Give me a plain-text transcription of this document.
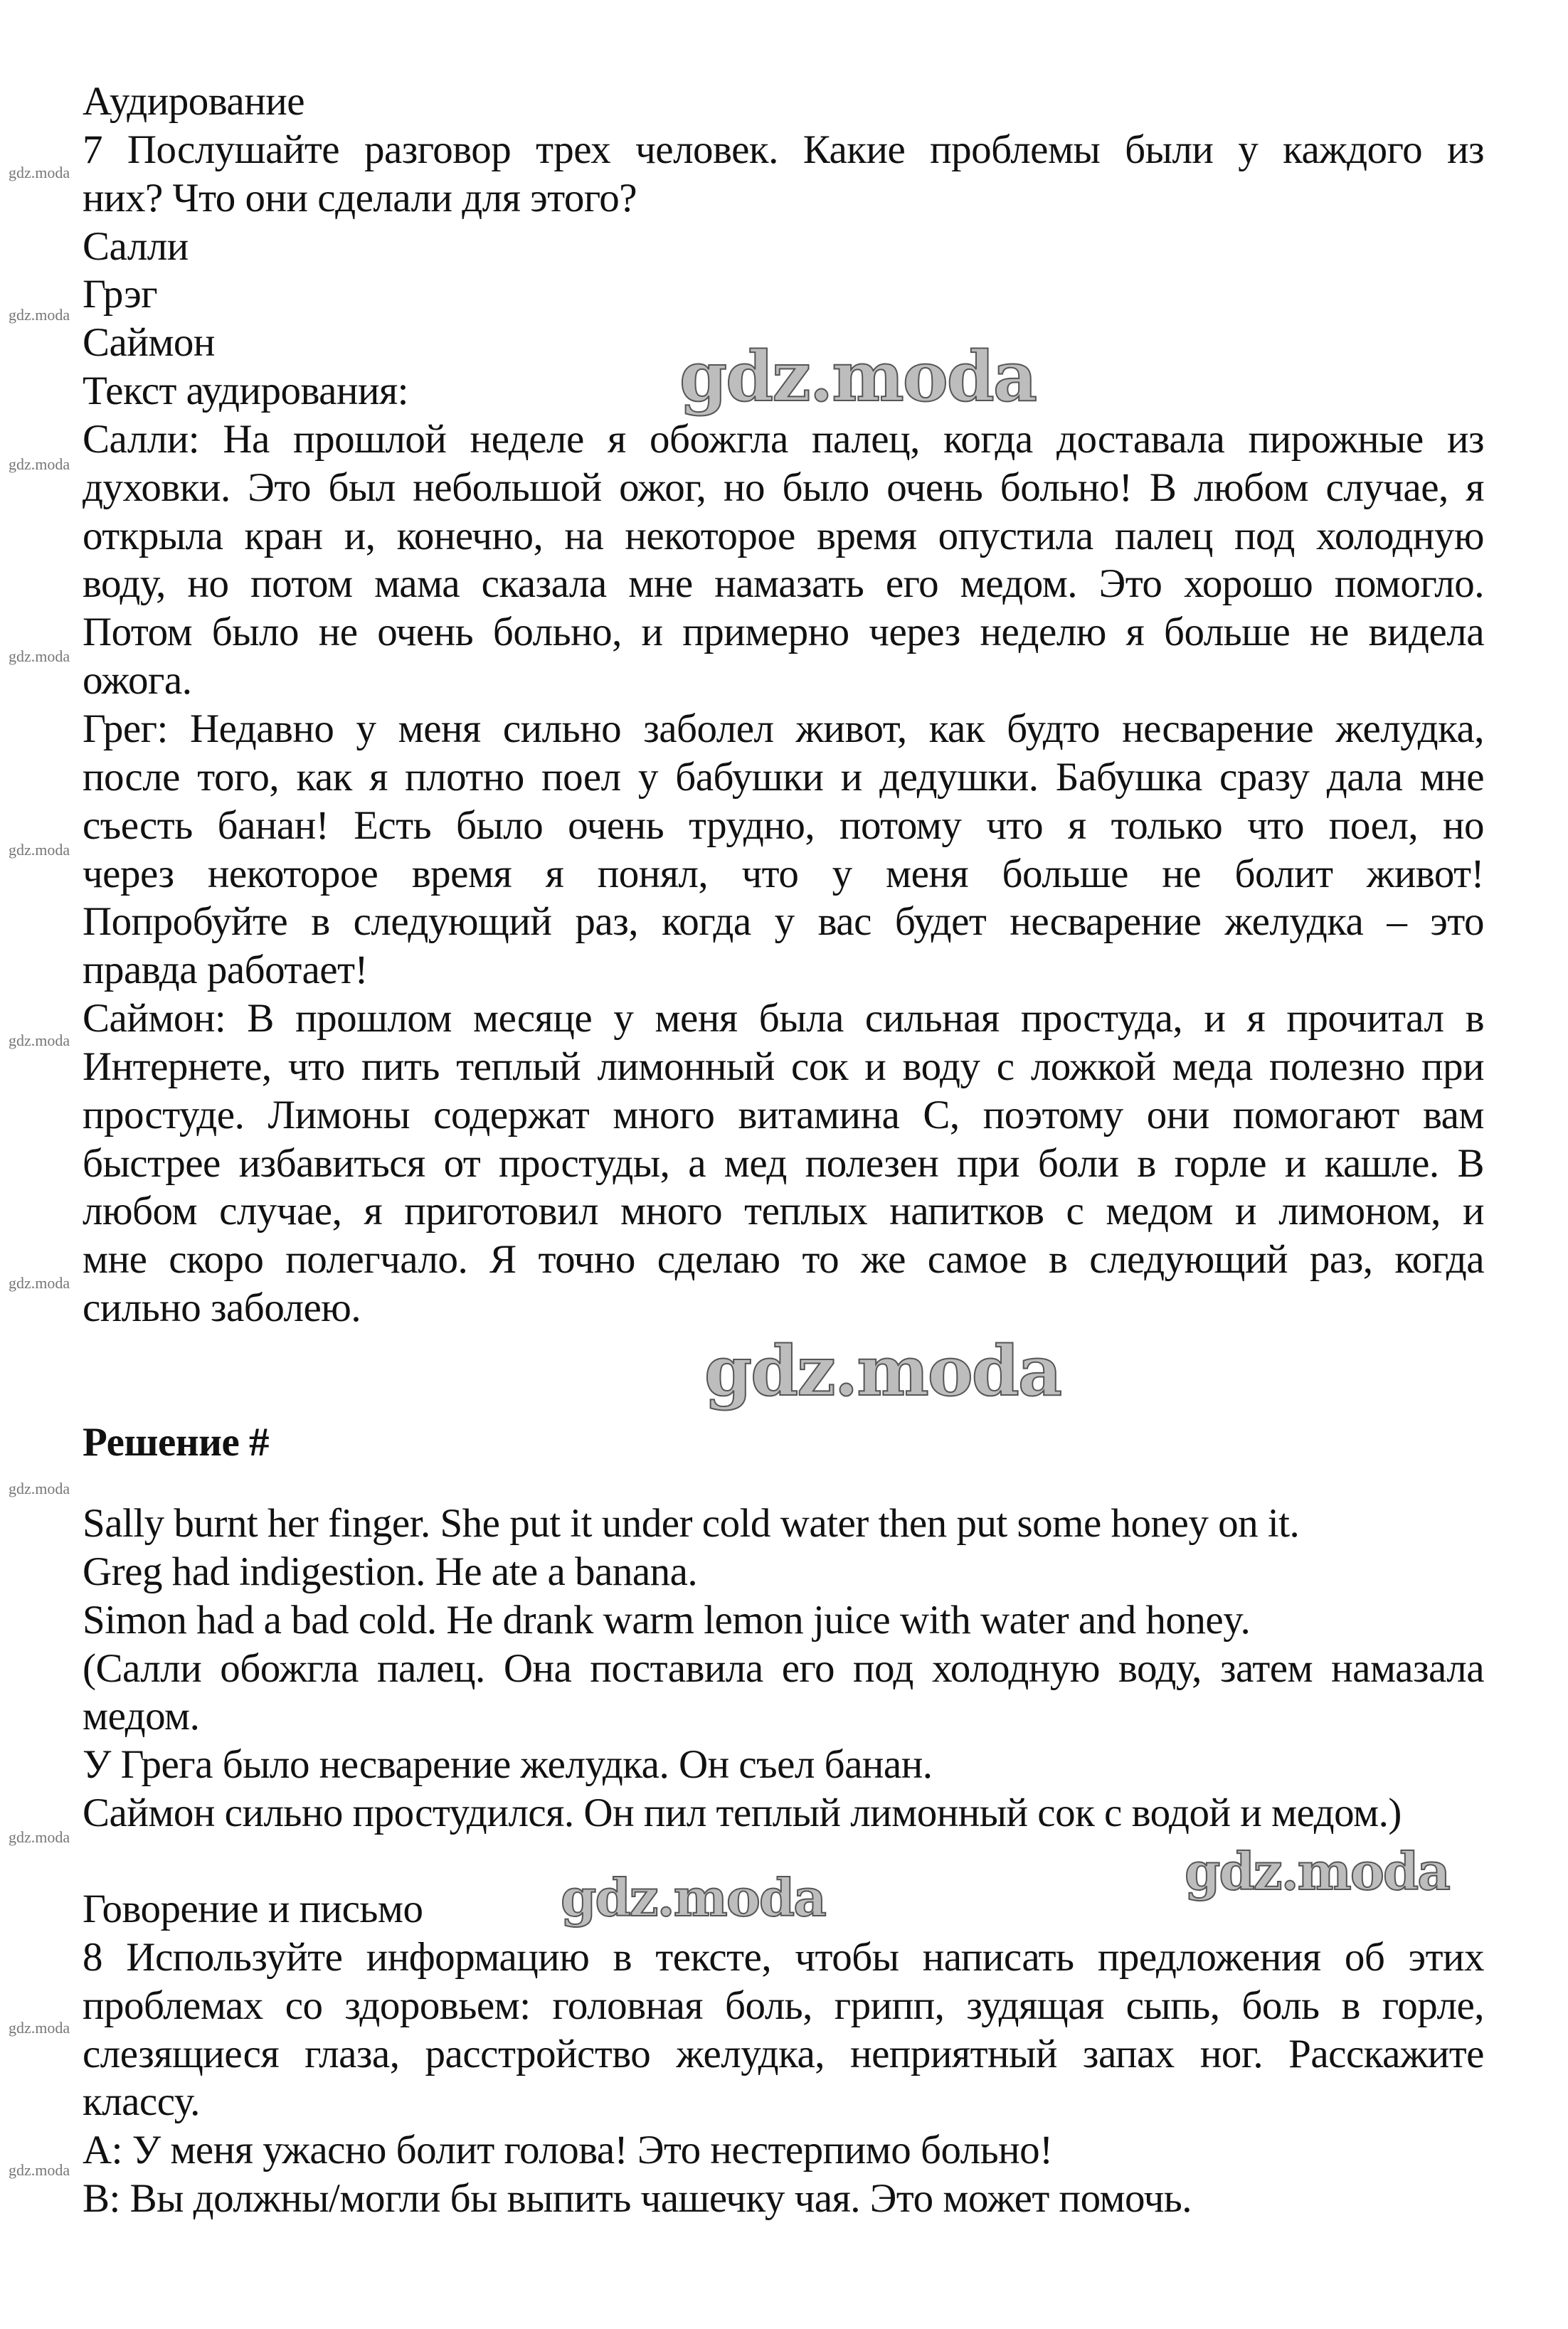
Аудирование
7 Послушайте разговор трех человек. Какие проблемы были у каждого из
них? Что они сделали для этого?
Салли
Грэг
Саймон
Текст аудирования:
Салли: На прошлой неделе я обожгла палец, когда доставала пирожные из
духовки. Это был небольшой ожог, но было очень больно! В любом случае, я
открыла кран и, конечно, на некоторое время опустила палец под холодную
воду, но потом мама сказала мне намазать его медом. Это хорошо помогло.
Потом было не очень больно, и примерно через неделю я больше не видела
ожога.
Грег: Недавно у меня сильно заболел живот, как будто несварение желудка,
после того, как я плотно поел у бабушки и дедушки. Бабушка сразу дала мне
съесть банан! Есть было очень трудно, потому что я только что поел, но
через некоторое время я понял, что у меня больше не болит живот!
Попробуйте в следующий раз, когда у вас будет несварение желудка – это
правда работает!
Саймон: В прошлом месяце у меня была сильная простуда, и я прочитал в
Интернете, что пить теплый лимонный сок и воду с ложкой меда полезно при
простуде. Лимоны содержат много витамина С, поэтому они помогают вам
быстрее избавиться от простуды, а мед полезен при боли в горле и кашле. В
любом случае, я приготовил много теплых напитков с медом и лимоном, и
мне скоро полегчало. Я точно сделаю то же самое в следующий раз, когда
сильно заболею.
Решение #
Sally burnt her finger. She put it under cold water then put some honey on it.
Greg had indigestion. He ate a banana.
Simon had a bad cold. He drank warm lemon juice with water and honey.
(Салли обожгла палец. Она поставила его под холодную воду, затем намазала
медом.
У Грега было несварение желудка. Он съел банан.
Саймон сильно простудился. Он пил теплый лимонный сок с водой и медом.)
Говорение и письмо
8 Используйте информацию в тексте, чтобы написать предложения об этих
проблемах со здоровьем: головная боль, грипп, зудящая сыпь, боль в горле,
слезящиеся глаза, расстройство желудка, неприятный запах ног. Расскажите
классу.
A: У меня ужасно болит голова! Это нестерпимо больно!
B: Вы должны/могли бы выпить чашечку чая. Это может помочь.
gdz.moda
gdz.moda
gdz.moda	gdz.moda
gdz.moda
gdz.moda
gdz.moda
gdz.moda
gdz.moda
gdz.moda
gdz.moda
gdz.moda
gdz.moda
gdz.moda
gdz.moda
